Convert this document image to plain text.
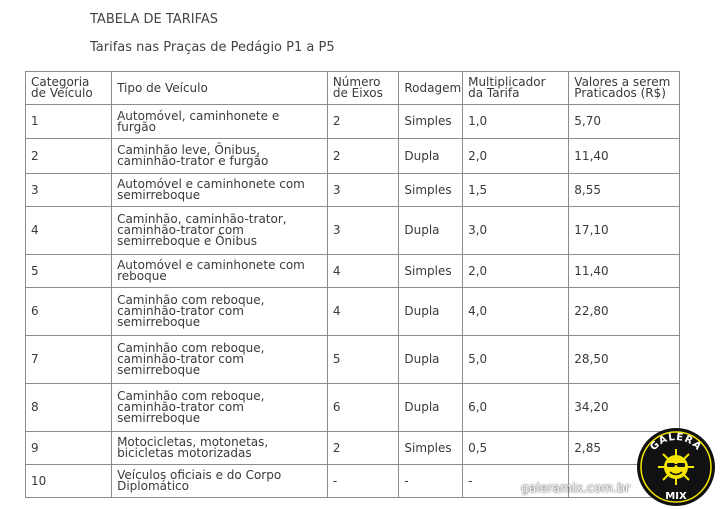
TABELA DE TARIFAS
Tarifas nas Praças de Pedágio P1 a P5
Categoria de Veículo	Tipo de Veículo	Número de Eixos	Rodagem	Multiplicador da Tarifa	Valores a serem Praticados (R$)
1	Automóvel, caminhonete e furgão	2	Simples	1,0	5,70
2	Caminhão leve, Ônibus, caminhão-trator e furgão	2	Dupla	2,0	11,40
3	Automóvel e caminhonete com semirreboque	3	Simples	1,5	8,55
4	Caminhão, caminhão-trator, caminhão-trator com semirreboque e Ônibus	3	Dupla	3,0	17,10
5	Automóvel e caminhonete com reboque	4	Simples	2,0	11,40
6	Caminhão com reboque, caminhão-trator com semirreboque	4	Dupla	4,0	22,80
7	Caminhão com reboque, caminhão-trator com semirreboque	5	Dupla	5,0	28,50
8	Caminhão com reboque, caminhão-trator com semirreboque	6	Dupla	6,0	34,20
9	Motocicletas, motonetas, bicicletas motorizadas	2	Simples	0,5	2,85
10	Veículos oficiais e do Corpo Diplomático	-	-	-	
galeramix.com.br
GALERA
MIX
